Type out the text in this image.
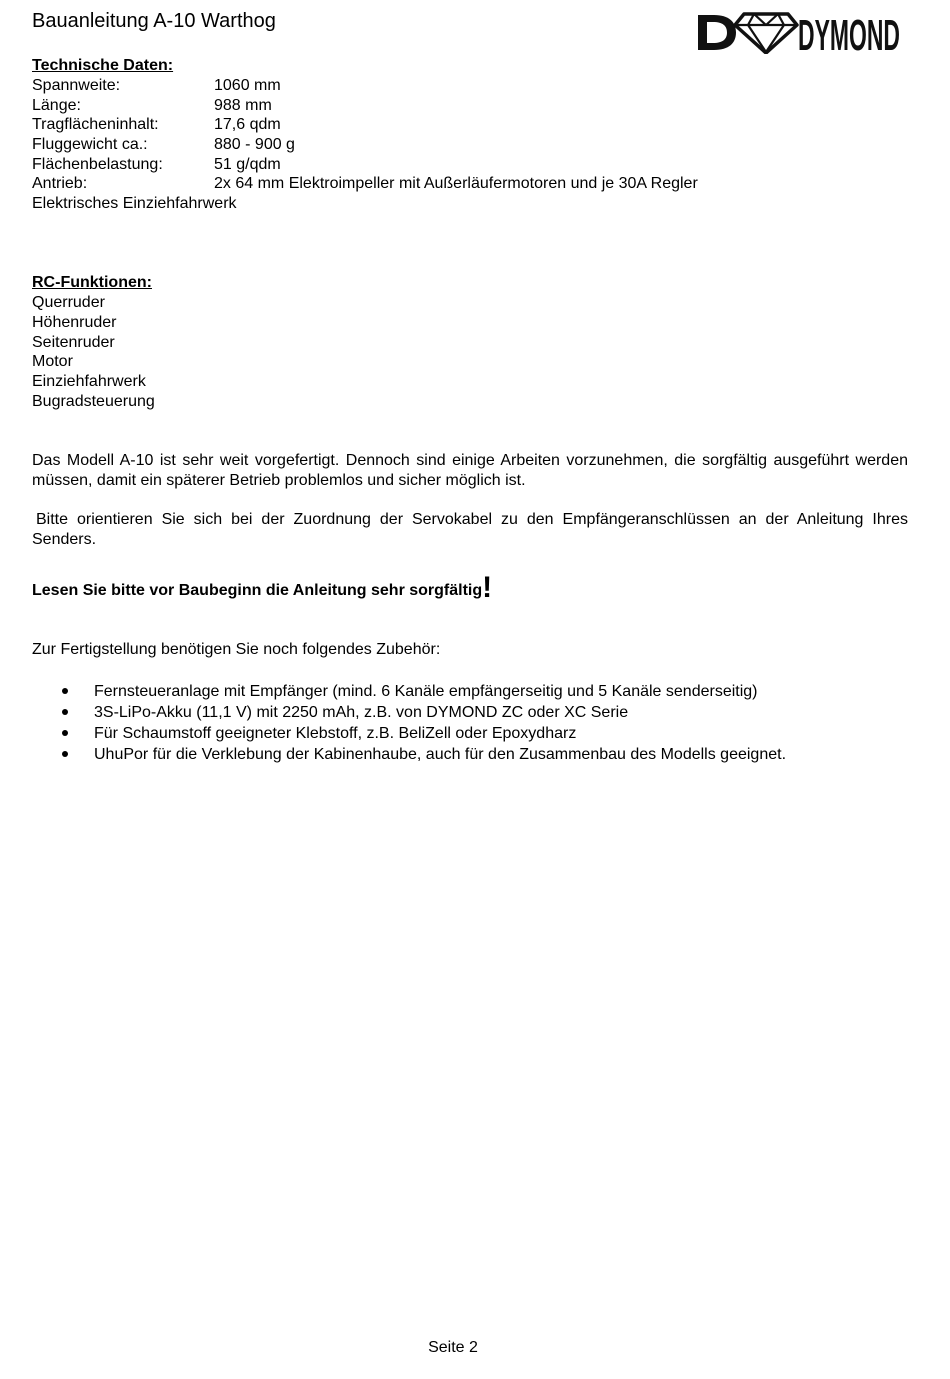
Bauanleitung A-10 Warthog	DYMOND
Technische Daten:
Spannweite:	1060 mm
Länge:	988 mm
Tragflächeninhalt:	17,6 qdm
Fluggewicht ca.:	880 - 900 g
Flächenbelastung:	51 g/qdm
Antrieb:	2x 64 mm Elektroimpeller mit Außerläufermotoren und je 30A Regler
Elektrisches Einziehfahrwerk
RC-Funktionen:
Querruder
Höhenruder
Seitenruder
Motor
Einziehfahrwerk
Bugradsteuerung
Das Modell A-10 ist sehr weit vorgefertigt. Dennoch sind einige Arbeiten vorzunehmen, die sorgfältig ausgeführt werden müssen, damit ein späterer Betrieb problemlos und sicher möglich ist.
Bitte orientieren Sie sich bei der Zuordnung der Servokabel zu den Empfängeranschlüssen an der Anleitung Ihres Senders.
Lesen Sie bitte vor Baubeginn die Anleitung sehr sorgfältig!
Zur Fertigstellung benötigen Sie noch folgendes Zubehör:
Fernsteueranlage mit Empfänger (mind. 6 Kanäle empfängerseitig und 5 Kanäle senderseitig)
3S-LiPo-Akku (11,1 V) mit 2250 mAh, z.B. von DYMOND ZC oder XC Serie
Für Schaumstoff geeigneter Klebstoff, z.B. BeliZell oder Epoxydharz
UhuPor für die Verklebung der Kabinenhaube, auch für den Zusammenbau des Modells geeignet.
Seite 2
